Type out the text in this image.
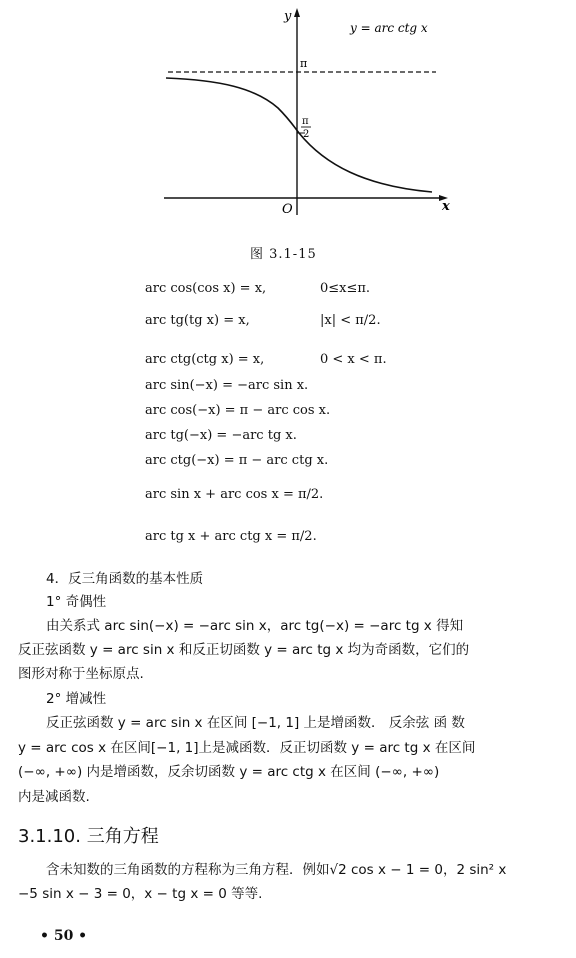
y
x
O
π
π
2
y = arc ctg x
图 3.1-15
arc cos(cos x) = x,	0≤x≤π.
arc tg(tg x) = x,	|x| < π/2.
arc ctg(ctg x) = x,	0 < x < π.
arc sin(−x) = −arc sin x.
arc cos(−x) = π − arc cos x.
arc tg(−x) = −arc tg x.
arc ctg(−x) = π − arc ctg x.
arc sin x + arc cos x = π/2.
arc tg x + arc ctg x = π/2.
4．反三角函数的基本性质
1° 奇偶性
由关系式 arc sin(−x) = −arc sin x，arc tg(−x) = −arc tg x 得知
反正弦函数 y = arc sin x 和反正切函数 y = arc tg x 均为奇函数，它们的
图形对称于坐标原点.
2° 增减性
反正弦函数 y = arc sin x 在区间 [−1, 1] 上是增函数． 反余弦 函 数
y = arc cos x 在区间[−1, 1]上是减函数．反正切函数 y = arc tg x 在区间
(−∞, +∞) 内是增函数，反余切函数 y = arc ctg x 在区间 (−∞, +∞)
内是减函数.
3.1.10. 三角方程
含未知数的三角函数的方程称为三角方程．例如√2 cos x − 1 = 0，2 sin² x
−5 sin x − 3 = 0，x − tg x = 0 等等.
• 50 •
